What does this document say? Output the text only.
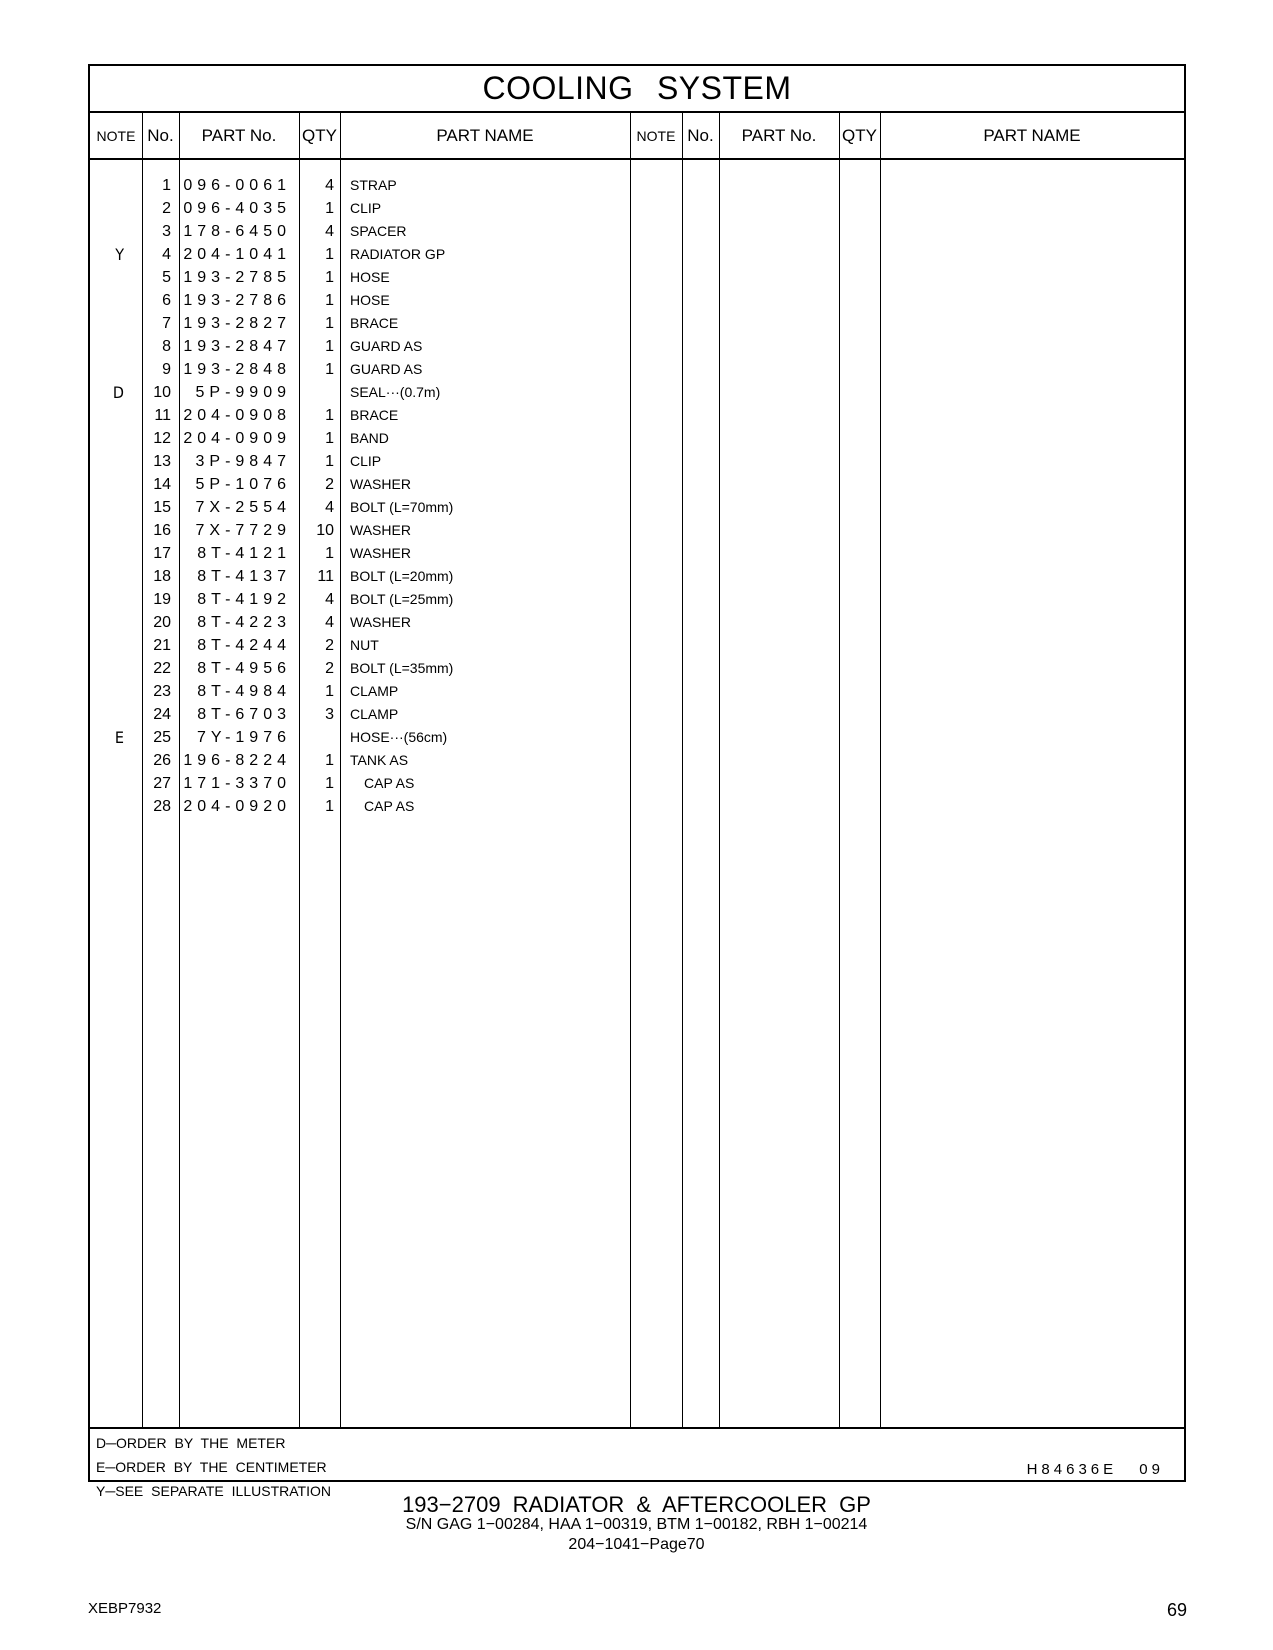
COOLING SYSTEM
NOTE No.	PART No.	QTY	PART NAME	NOTE No.	PART No.	QTY	PART NAME
1 096-0061	4	STRAP
2 096-4035	1	CLIP
3 178-6450	4	SPACER
Y	4 204-1041	1	RADIATOR GP
5 193-2785	1	HOSE
6 193-2786	1	HOSE
7 193-2827	1	BRACE
8 193-2847	1	GUARD AS
9 193-2848	1	GUARD AS
D	10	5P-9909	SEAL···(0.7m)
11 204-0908	1	BRACE
12 204-0909	1	BAND
13	3P-9847	1	CLIP
14	5P-1076	2	WASHER
15	7X-2554	4	BOLT (L=70mm)
16	7X-7729	10	WASHER
17	8T-4121	1	WASHER
18	8T-4137	11	BOLT (L=20mm)
19	8T-4192	4	BOLT (L=25mm)
20	8T-4223	4	WASHER
21	8T-4244	2	NUT
22	8T-4956	2	BOLT (L=35mm)
23	8T-4984	1	CLAMP
24	8T-6703	3	CLAMP
E	25	7Y-1976	HOSE···(56cm)
26 196-8224	1	TANK AS
27 171-3370	1	CAP AS
28 204-0920	1	CAP AS
D─ORDER BY THE METER
E─ORDER BY THE CENTIMETER
Y─SEE SEPARATE ILLUSTRATION
H84636E 09
193−2709 RADIATOR & AFTERCOOLER GP
S/N GAG 1−00284, HAA 1−00319, BTM 1−00182, RBH 1−00214
204−1041−Page70
XEBP7932	69
